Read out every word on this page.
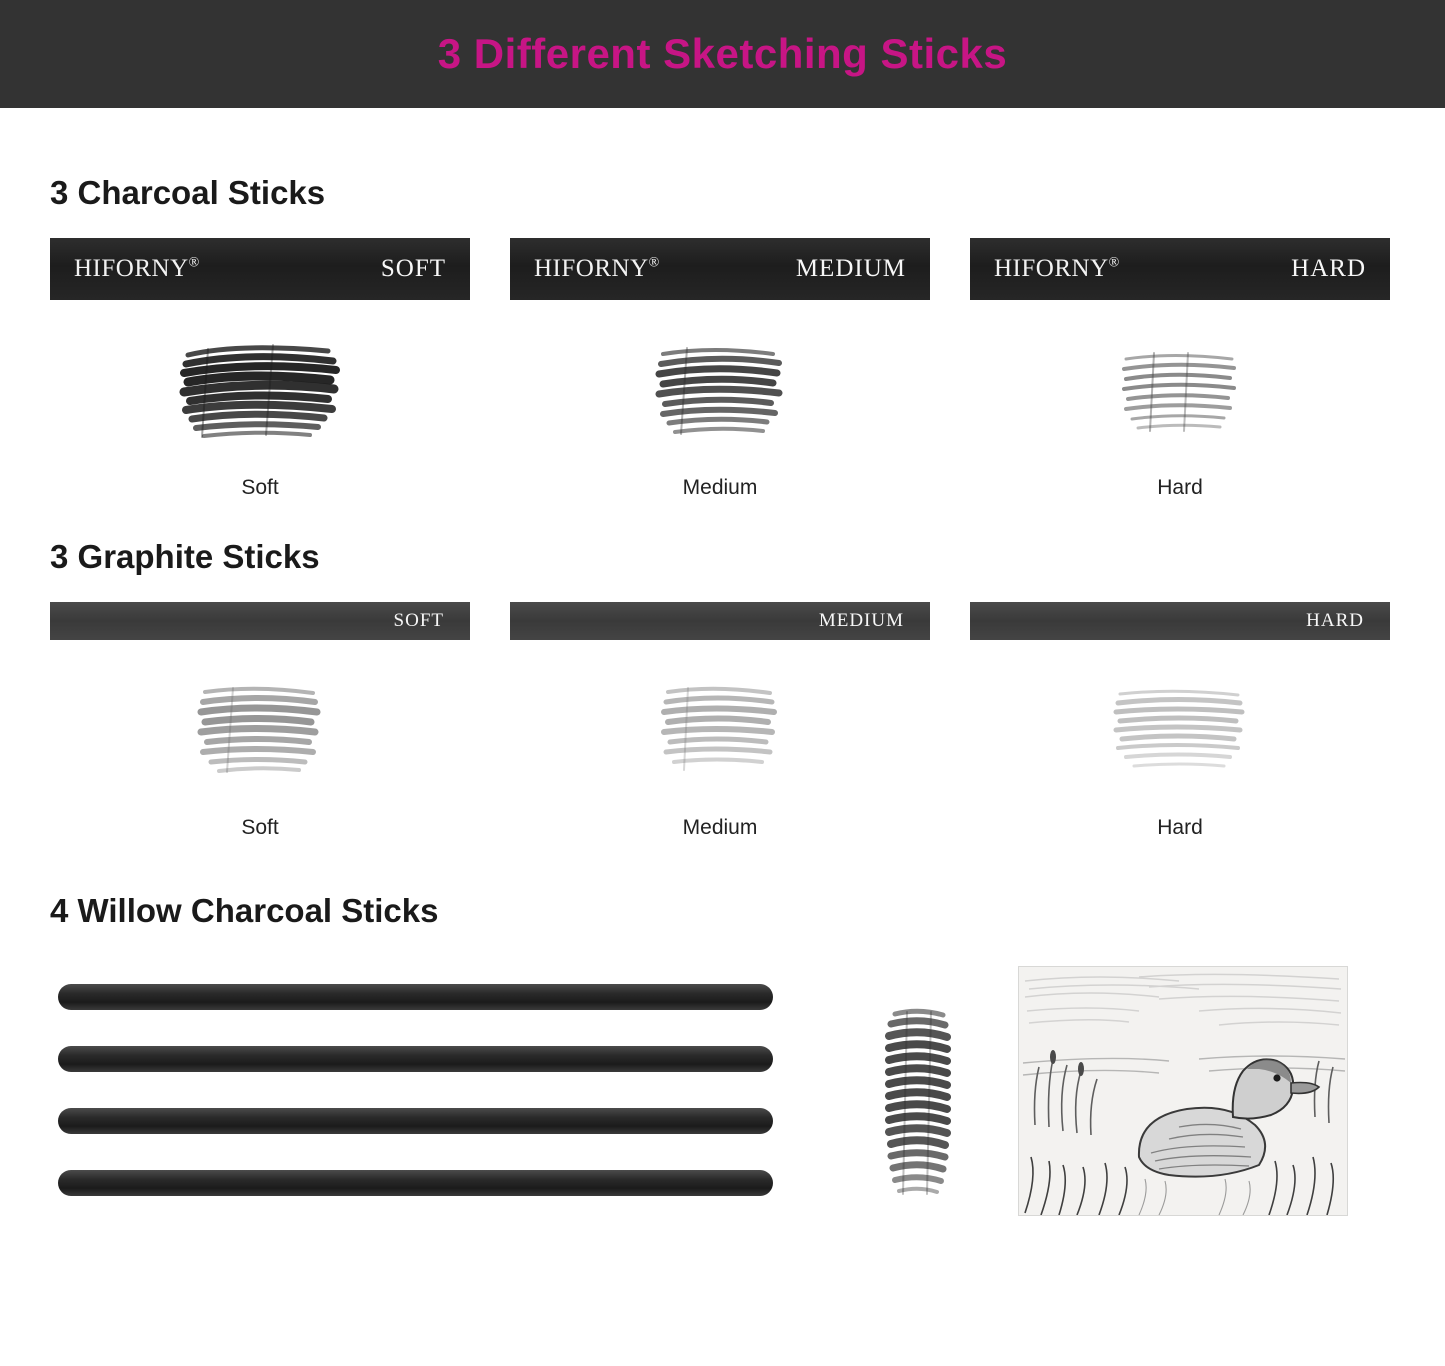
3 Different Sketching Sticks
3 Charcoal Sticks
HIFORNY®	SOFT
Soft
HIFORNY®	MEDIUM
Medium
HIFORNY®	HARD
Hard
3 Graphite Sticks
SOFT
Soft
MEDIUM
Medium
HARD
Hard
4 Willow Charcoal Sticks
